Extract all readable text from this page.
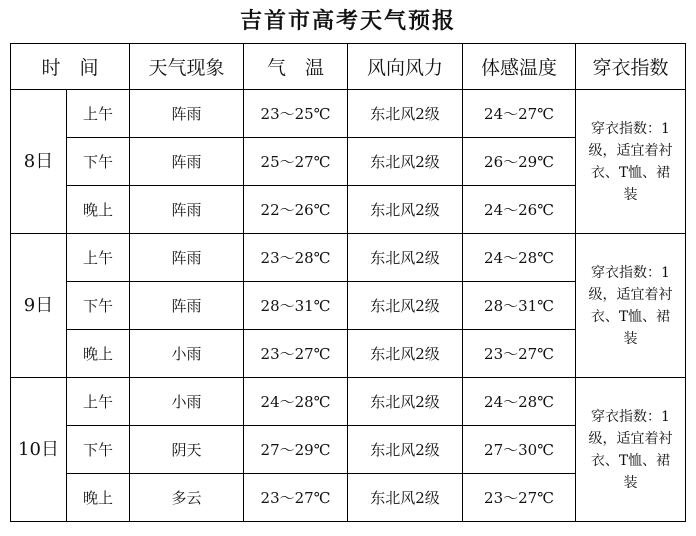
吉首市高考天气预报
时　间		天气现象	气　温	风向风力	体感温度	穿衣指数
8日	上午	阵雨	23～25℃	东北风2级	24～27℃	穿衣指数：1级，适宜着衬衣、T恤、裙装
	下午	阵雨	25～27℃	东北风2级	26～29℃	
	晚上	阵雨	22～26℃	东北风2级	24～26℃	
9日	上午	阵雨	23～28℃	东北风2级	24～28℃	穿衣指数：1级，适宜着衬衣、T恤、裙装
	下午	阵雨	28～31℃	东北风2级	28～31℃	
	晚上	小雨	23～27℃	东北风2级	23～27℃	
10日	上午	小雨	24～28℃	东北风2级	24～28℃	穿衣指数：1级，适宜着衬衣、T恤、裙装
	下午	阴天	27～29℃	东北风2级	27～30℃	
	晚上	多云	23～27℃	东北风2级	23～27℃	
